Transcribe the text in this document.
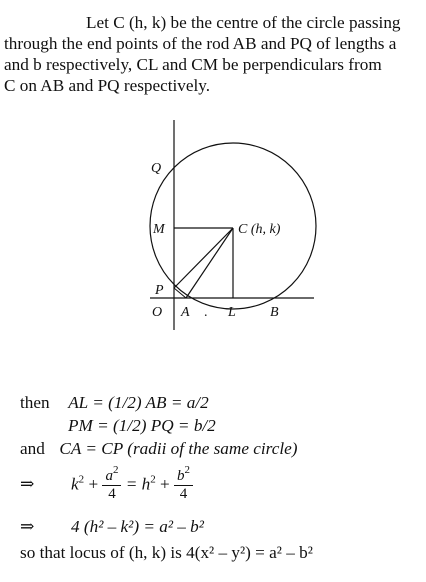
Let C (h, k) be the centre of the circle passing

through the end points of the rod AB and PQ of lengths a

and b respectively, CL and CM be perpendiculars from

C on AB and PQ respectively.

Q
M	C (h, k)
P
O A . L B
then AL = (1/2) AB = a/2
PM = (1/2) PQ = b/2
and CA = CP (radii of the same circle)
⇒ $k^2 + \frac{a^2}{4} = h^2 + \frac{b^2}{4}$
⇒ 4 (h² – k²) = a² – b²
so that locus of (h, k) is 4(x² – y²) = a² – b²
